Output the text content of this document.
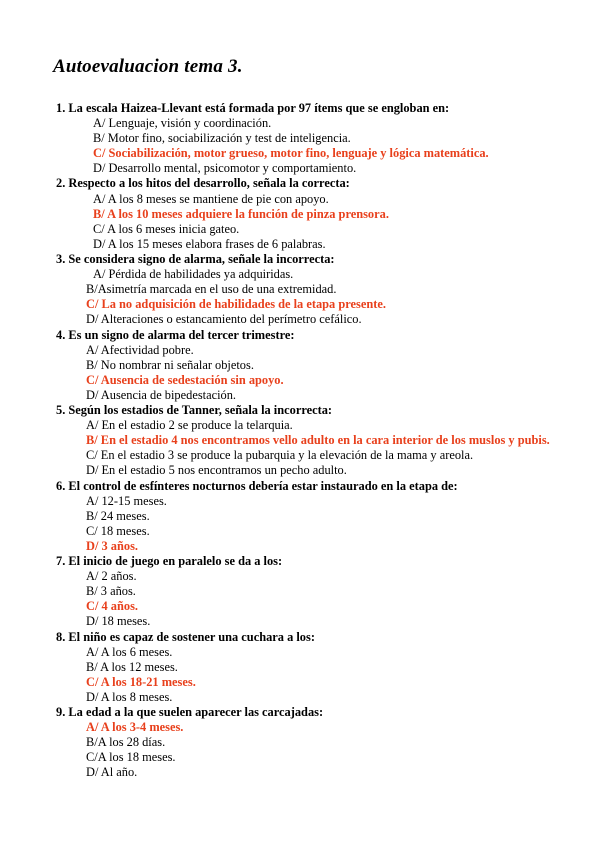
Autoevaluacion tema 3.
1. La escala Haizea-Llevant está formada por 97 ítems que se engloban en:
A/ Lenguaje, visión y coordinación.
B/ Motor fino, sociabilización y test de inteligencia.
C/ Sociabilización, motor grueso, motor fino, lenguaje y lógica matemática.
D/ Desarrollo mental, psicomotor y comportamiento.
2. Respecto a los hitos del desarrollo, señala la correcta:
A/ A los 8 meses se mantiene de pie con apoyo.
B/ A los 10 meses adquiere la función de pinza prensora.
C/ A los 6 meses inicia gateo.
D/ A los 15 meses elabora frases de 6 palabras.
3. Se considera signo de alarma, señale la incorrecta:
A/ Pérdida de habilidades ya adquiridas.
B/Asimetría marcada en el uso de una extremidad.
C/ La no adquisición de habilidades de la etapa presente.
D/ Alteraciones o estancamiento del perímetro cefálico.
4. Es un signo de alarma del tercer trimestre:
A/ Afectividad pobre.
B/ No nombrar ni señalar objetos.
C/ Ausencia de sedestación sin apoyo.
D/ Ausencia de bipedestación.
5. Según los estadios de Tanner, señala la incorrecta:
A/ En el estadio 2 se produce la telarquia.
B/ En el estadio 4 nos encontramos vello adulto en la cara interior de los muslos y pubis.
C/ En el estadio 3 se produce la pubarquia y la elevación de la mama y areola.
D/ En el estadio 5 nos encontramos un pecho adulto.
6. El control de esfínteres nocturnos debería estar instaurado en la etapa de:
A/ 12-15 meses.
B/ 24 meses.
C/ 18 meses.
D/ 3 años.
7. El inicio de juego en paralelo se da a los:
A/ 2 años.
B/ 3 años.
C/ 4 años.
D/ 18 meses.
8. El niño es capaz de sostener una cuchara a los:
A/ A los 6 meses.
B/ A los 12 meses.
C/ A los 18-21 meses.
D/ A los 8 meses.
9. La edad a la que suelen aparecer las carcajadas:
A/ A los 3-4 meses.
B/A los 28 días.
C/A los 18 meses.
D/ Al año.
